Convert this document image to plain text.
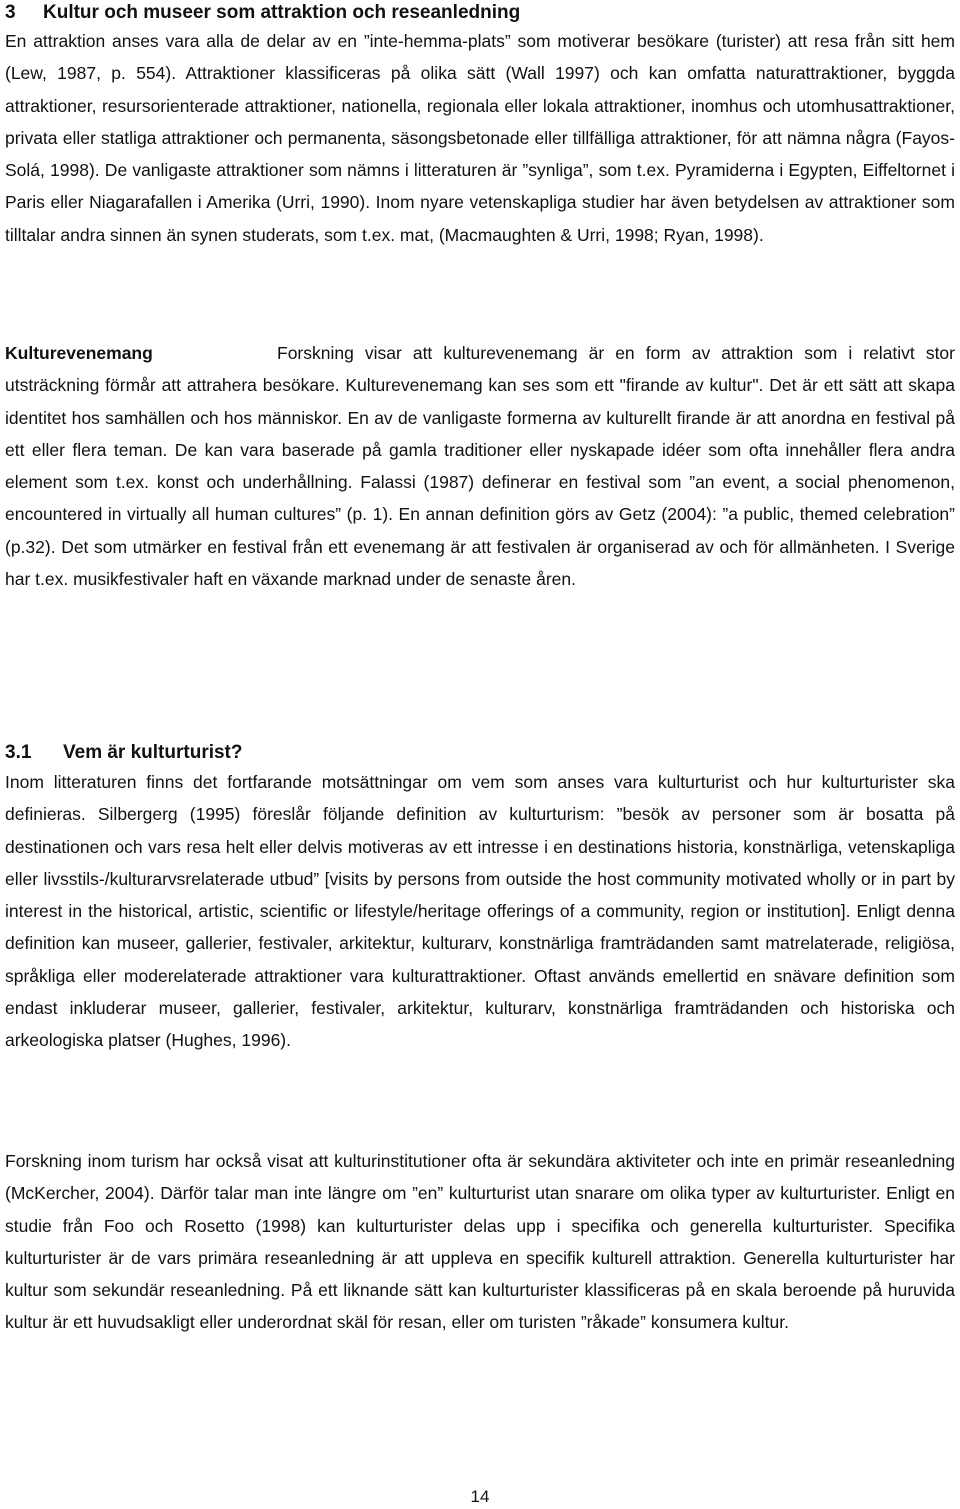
3 Kultur och museer som attraktion och reseanledning

En attraktion anses vara alla de delar av en ”inte-hemma-plats” som motiverar besökare (turister) att resa från sitt hem (Lew, 1987, p. 554). Attraktioner klassificeras på olika sätt (Wall 1997) och kan omfatta naturattraktioner, byggda attraktioner, resursorienterade attraktioner, nationella, regionala eller lokala attraktioner, inomhus och utomhusattraktioner, privata eller statliga attraktioner och permanenta, säsongsbetonade eller tillfälliga attraktioner, för att nämna några (Fayos-Solá, 1998). De vanligaste attraktioner som nämns i litteraturen är ”synliga”, som t.ex. Pyramiderna i Egypten, Eiffeltornet i Paris eller Niagarafallen i Amerika (Urri, 1990). Inom nyare vetenskapliga studier har även betydelsen av attraktioner som tilltalar andra sinnen än synen studerats, som t.ex. mat, (Macmaughten & Urri, 1998; Ryan, 1998).

Kulturevenemang	Forskning visar att kulturevenemang är en form av attraktion som i relativt stor utsträckning förmår att attrahera besökare. Kulturevenemang kan ses som ett "firande av kultur". Det är ett sätt att skapa identitet hos samhällen och hos människor. En av de vanligaste formerna av kulturellt firande är att anordna en festival på ett eller flera teman. De kan vara baserade på gamla traditioner eller nyskapade idéer som ofta innehåller flera andra element som t.ex. konst och underhållning. Falassi (1987) definerar en festival som ”an event, a social phenomenon, encountered in virtually all human cultures” (p. 1). En annan definition görs av Getz (2004): ”a public, themed celebration” (p.32). Det som utmärker en festival från ett evenemang är att festivalen är organiserad av och för allmänheten. I Sverige har t.ex. musikfestivaler haft en växande marknad under de senaste åren.

3.1 Vem är kulturturist?

Inom litteraturen finns det fortfarande motsättningar om vem som anses vara kulturturist och hur kulturturister ska definieras. Silbergerg (1995) föreslår följande definition av kulturturism: ”besök av personer som är bosatta på destinationen och vars resa helt eller delvis motiveras av ett intresse i en destinations historia, konstnärliga, vetenskapliga eller livsstils-/kulturarvsrelaterade utbud” [visits by persons from outside the host community motivated wholly or in part by interest in the historical, artistic, scientific or lifestyle/heritage offerings of a community, region or institution]. Enligt denna definition kan museer, gallerier, festivaler, arkitektur, kulturarv, konstnärliga framträdanden samt matrelaterade, religiösa, språkliga eller moderelaterade attraktioner vara kulturattraktioner. Oftast används emellertid en snävare definition som endast inkluderar museer, gallerier, festivaler, arkitektur, kulturarv, konstnärliga framträdanden och historiska och arkeologiska platser (Hughes, 1996).

Forskning inom turism har också visat att kulturinstitutioner ofta är sekundära aktiviteter och inte en primär reseanledning (McKercher, 2004). Därför talar man inte längre om ”en” kulturturist utan snarare om olika typer av kulturturister. Enligt en studie från Foo och Rosetto (1998) kan kulturturister delas upp i specifika och generella kulturturister. Specifika kulturturister är de vars primära reseanledning är att uppleva en specifik kulturell attraktion. Generella kulturturister har kultur som sekundär reseanledning. På ett liknande sätt kan kulturturister klassificeras på en skala beroende på huruvida kultur är ett huvudsakligt eller underordnat skäl för resan, eller om turisten ”råkade” konsumera kultur.

14
